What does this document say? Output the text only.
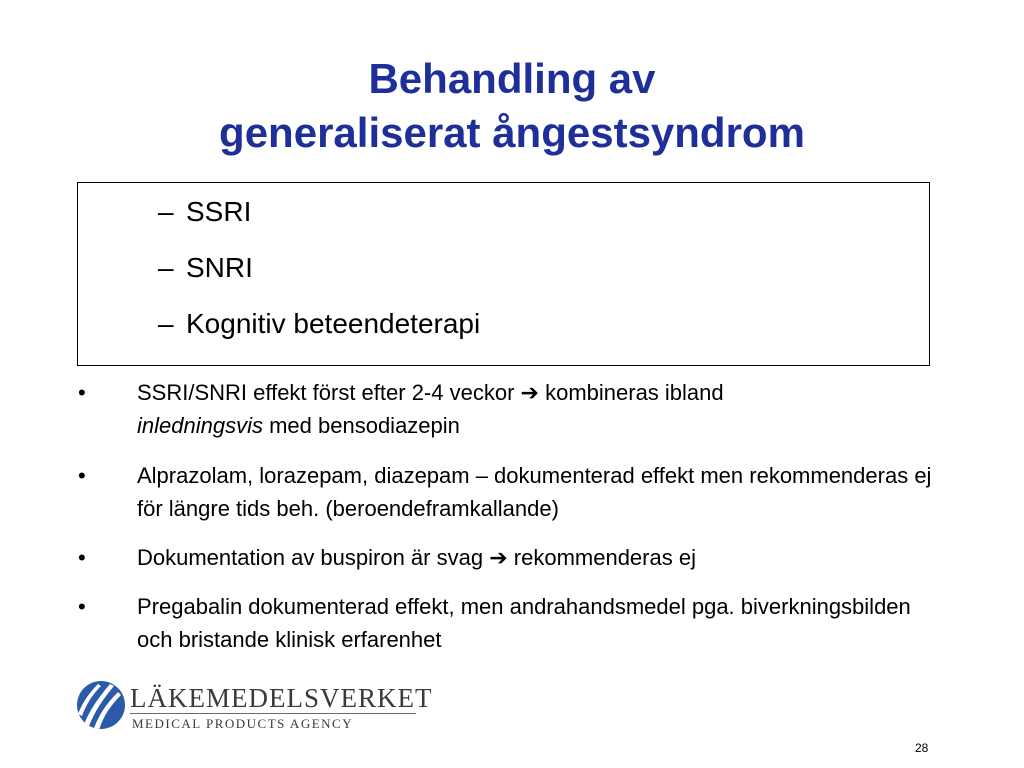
Behandling av
generaliserat ångestsyndrom
– SSRI
– SNRI
– Kognitiv beteendeterapi
•	SSRI/SNRI effekt först efter 2-4 veckor ➔ kombineras ibland
inledningsvis med bensodiazepin
•	Alprazolam, lorazepam, diazepam – dokumenterad effekt men rekommenderas ej för längre tids beh. (beroendeframkallande)
•	Dokumentation av buspiron är svag ➔ rekommenderas ej
•	Pregabalin dokumenterad effekt, men andrahandsmedel pga. biverkningsbilden och bristande klinisk erfarenhet
LÄKEMEDELSVERKET
MEDICAL PRODUCTS AGENCY
28
